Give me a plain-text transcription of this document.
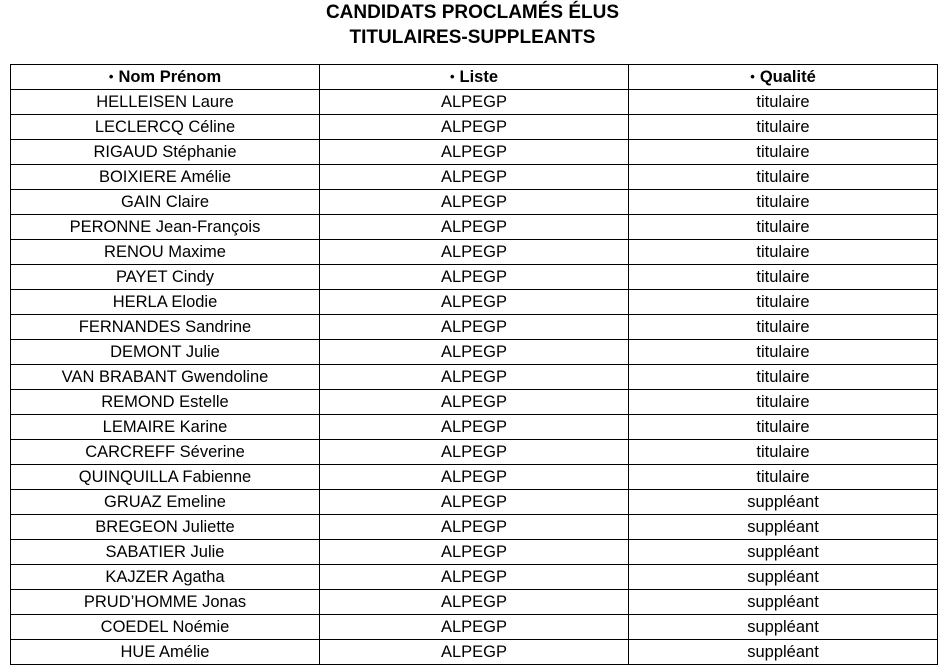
CANDIDATS PROCLAMÉS ÉLUS
TITULAIRES-SUPPLEANTS
• Nom Prénom	• Liste	• Qualité
HELLEISEN Laure	ALPEGP	titulaire
LECLERCQ Céline	ALPEGP	titulaire
RIGAUD Stéphanie	ALPEGP	titulaire
BOIXIERE Amélie	ALPEGP	titulaire
GAIN Claire	ALPEGP	titulaire
PERONNE Jean-François	ALPEGP	titulaire
RENOU Maxime	ALPEGP	titulaire
PAYET Cindy	ALPEGP	titulaire
HERLA Elodie	ALPEGP	titulaire
FERNANDES Sandrine	ALPEGP	titulaire
DEMONT Julie	ALPEGP	titulaire
VAN BRABANT Gwendoline	ALPEGP	titulaire
REMOND Estelle	ALPEGP	titulaire
LEMAIRE Karine	ALPEGP	titulaire
CARCREFF Séverine	ALPEGP	titulaire
QUINQUILLA Fabienne	ALPEGP	titulaire
GRUAZ Emeline	ALPEGP	suppléant
BREGEON Juliette	ALPEGP	suppléant
SABATIER Julie	ALPEGP	suppléant
KAJZER Agatha	ALPEGP	suppléant
PRUD’HOMME Jonas	ALPEGP	suppléant
COEDEL Noémie	ALPEGP	suppléant
HUE Amélie	ALPEGP	suppléant
